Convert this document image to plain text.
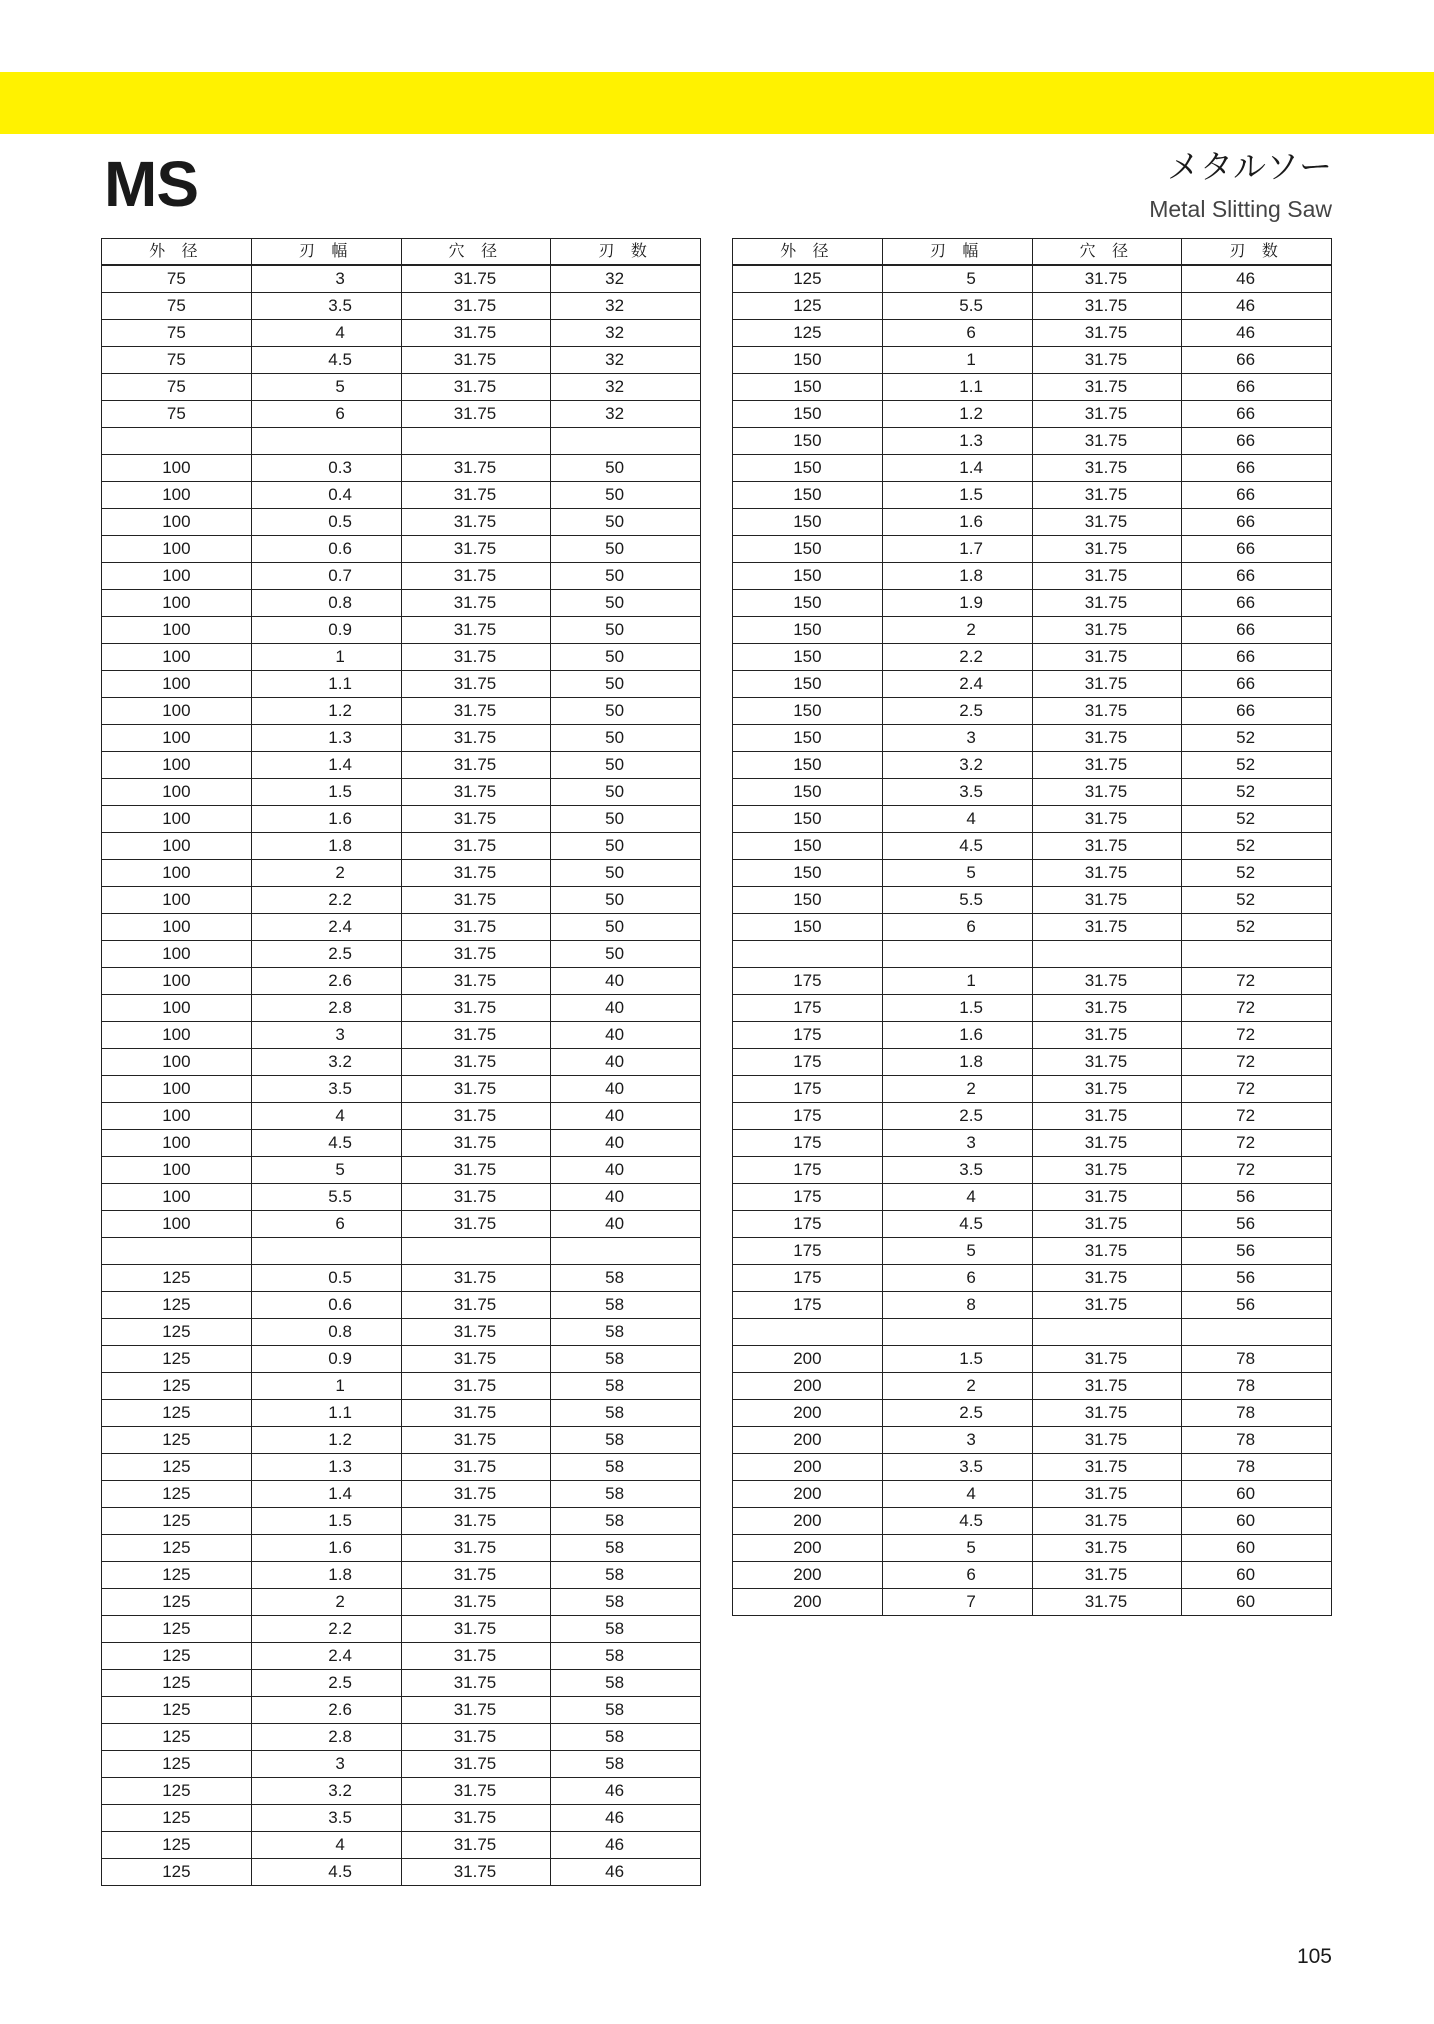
MS	メタルソー
Metal Slitting Saw
外 径	刃 幅	穴 径	刃 数
75	3	31.75	32
75	3.5	31.75	32
75	4	31.75	32
75	4.5	31.75	32
75	5	31.75	32
75	6	31.75	32

100	0.3	31.75	50
100	0.4	31.75	50
100	0.5	31.75	50
100	0.6	31.75	50
100	0.7	31.75	50
100	0.8	31.75	50
100	0.9	31.75	50
100	1	31.75	50
100	1.1	31.75	50
100	1.2	31.75	50
100	1.3	31.75	50
100	1.4	31.75	50
100	1.5	31.75	50
100	1.6	31.75	50
100	1.8	31.75	50
100	2	31.75	50
100	2.2	31.75	50
100	2.4	31.75	50
100	2.5	31.75	50
100	2.6	31.75	40
100	2.8	31.75	40
100	3	31.75	40
100	3.2	31.75	40
100	3.5	31.75	40
100	4	31.75	40
100	4.5	31.75	40
100	5	31.75	40
100	5.5	31.75	40
100	6	31.75	40

125	0.5	31.75	58
125	0.6	31.75	58
125	0.8	31.75	58
125	0.9	31.75	58
125	1	31.75	58
125	1.1	31.75	58
125	1.2	31.75	58
125	1.3	31.75	58
125	1.4	31.75	58
125	1.5	31.75	58
125	1.6	31.75	58
125	1.8	31.75	58
125	2	31.75	58
125	2.2	31.75	58
125	2.4	31.75	58
125	2.5	31.75	58
125	2.6	31.75	58
125	2.8	31.75	58
125	3	31.75	58
125	3.2	31.75	46
125	3.5	31.75	46
125	4	31.75	46
125	4.5	31.75	46
外 径	刃 幅	穴 径	刃 数
125	5	31.75	46
125	5.5	31.75	46
125	6	31.75	46
150	1	31.75	66
150	1.1	31.75	66
150	1.2	31.75	66
150	1.3	31.75	66
150	1.4	31.75	66
150	1.5	31.75	66
150	1.6	31.75	66
150	1.7	31.75	66
150	1.8	31.75	66
150	1.9	31.75	66
150	2	31.75	66
150	2.2	31.75	66
150	2.4	31.75	66
150	2.5	31.75	66
150	3	31.75	52
150	3.2	31.75	52
150	3.5	31.75	52
150	4	31.75	52
150	4.5	31.75	52
150	5	31.75	52
150	5.5	31.75	52
150	6	31.75	52

175	1	31.75	72
175	1.5	31.75	72
175	1.6	31.75	72
175	1.8	31.75	72
175	2	31.75	72
175	2.5	31.75	72
175	3	31.75	72
175	3.5	31.75	72
175	4	31.75	56
175	4.5	31.75	56
175	5	31.75	56
175	6	31.75	56
175	8	31.75	56

200	1.5	31.75	78
200	2	31.75	78
200	2.5	31.75	78
200	3	31.75	78
200	3.5	31.75	78
200	4	31.75	60
200	4.5	31.75	60
200	5	31.75	60
200	6	31.75	60
200	7	31.75	60
105
